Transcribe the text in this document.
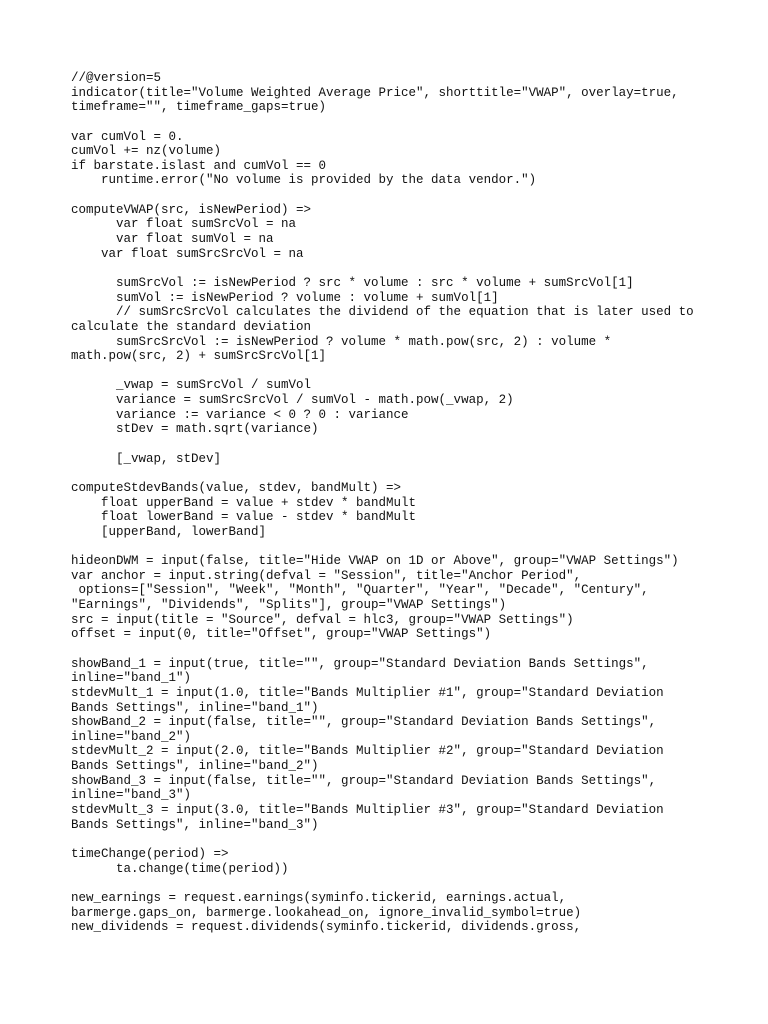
//@version=5
indicator(title="Volume Weighted Average Price", shorttitle="VWAP", overlay=true,
timeframe="", timeframe_gaps=true)
var cumVol = 0.
cumVol += nz(volume)
if barstate.islast and cumVol == 0
runtime.error("No volume is provided by the data vendor.")
computeVWAP(src, isNewPeriod) =>
var float sumSrcVol = na
var float sumVol = na
var float sumSrcSrcVol = na
sumSrcVol := isNewPeriod ? src * volume : src * volume + sumSrcVol[1]
sumVol := isNewPeriod ? volume : volume + sumVol[1]
// sumSrcSrcVol calculates the dividend of the equation that is later used to
calculate the standard deviation
sumSrcSrcVol := isNewPeriod ? volume * math.pow(src, 2) : volume *
math.pow(src, 2) + sumSrcSrcVol[1]
_vwap = sumSrcVol / sumVol
variance = sumSrcSrcVol / sumVol - math.pow(_vwap, 2)
variance := variance < 0 ? 0 : variance
stDev = math.sqrt(variance)
[_vwap, stDev]
computeStdevBands(value, stdev, bandMult) =>
float upperBand = value + stdev * bandMult
float lowerBand = value - stdev * bandMult
[upperBand, lowerBand]
hideonDWM = input(false, title="Hide VWAP on 1D or Above", group="VWAP Settings")
var anchor = input.string(defval = "Session", title="Anchor Period",
options=["Session", "Week", "Month", "Quarter", "Year", "Decade", "Century",
"Earnings", "Dividends", "Splits"], group="VWAP Settings")
src = input(title = "Source", defval = hlc3, group="VWAP Settings")
offset = input(0, title="Offset", group="VWAP Settings")
showBand_1 = input(true, title="", group="Standard Deviation Bands Settings",
inline="band_1")
stdevMult_1 = input(1.0, title="Bands Multiplier #1", group="Standard Deviation
Bands Settings", inline="band_1")
showBand_2 = input(false, title="", group="Standard Deviation Bands Settings",
inline="band_2")
stdevMult_2 = input(2.0, title="Bands Multiplier #2", group="Standard Deviation
Bands Settings", inline="band_2")
showBand_3 = input(false, title="", group="Standard Deviation Bands Settings",
inline="band_3")
stdevMult_3 = input(3.0, title="Bands Multiplier #3", group="Standard Deviation
Bands Settings", inline="band_3")
timeChange(period) =>
ta.change(time(period))
new_earnings = request.earnings(syminfo.tickerid, earnings.actual,
barmerge.gaps_on, barmerge.lookahead_on, ignore_invalid_symbol=true)
new_dividends = request.dividends(syminfo.tickerid, dividends.gross,
